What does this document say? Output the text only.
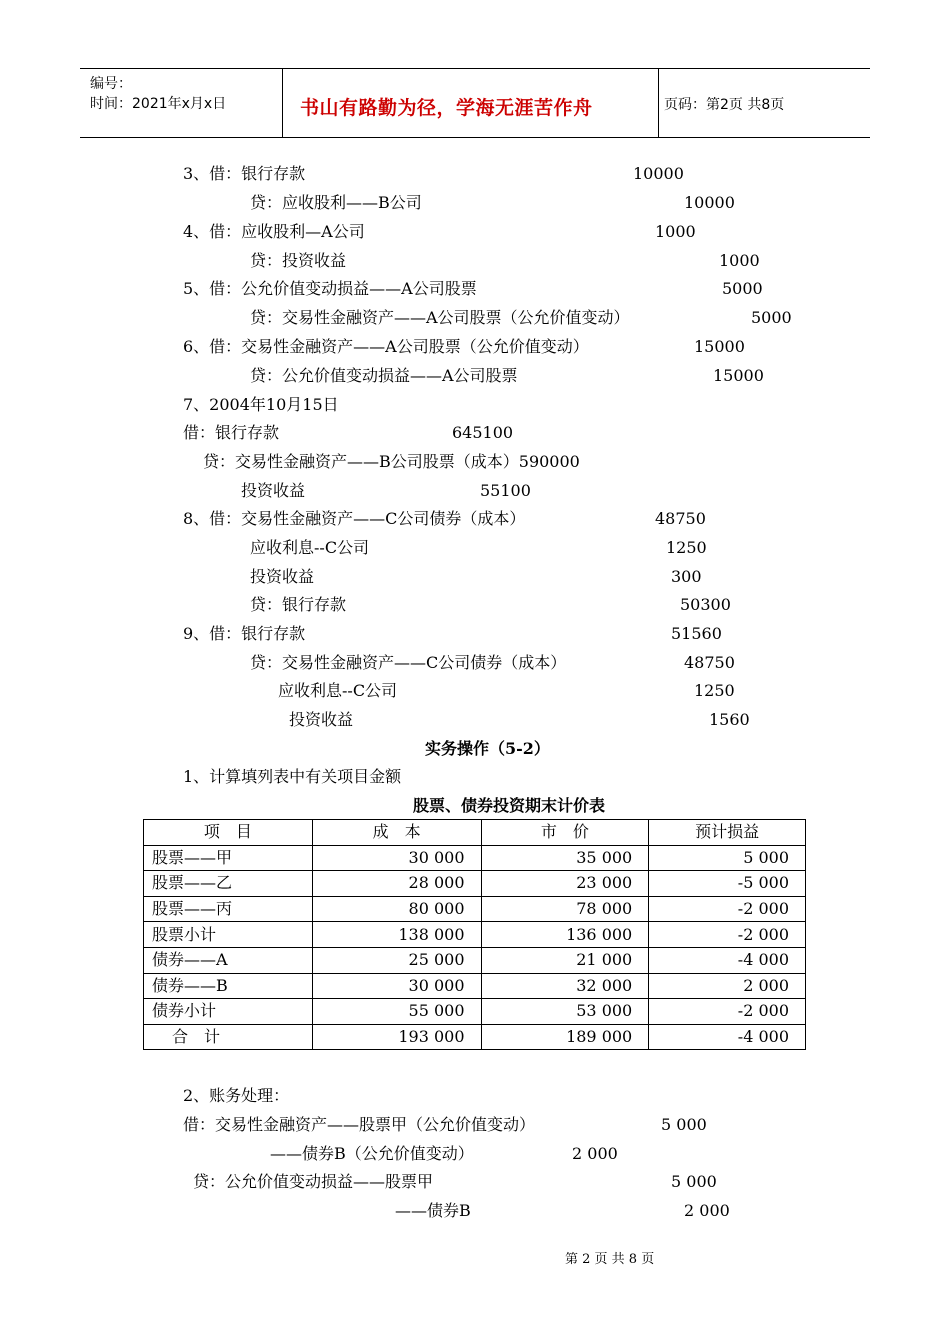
编号：
时间：2021年x月x日	书山有路勤为径，学海无涯苦作舟	页码：第2页 共8页
3、借：银行存款	10000
贷：应收股利——B公司	10000
4、借：应收股利—A公司	1000
贷：投资收益	1000
5、借：公允价值变动损益——A公司股票	5000
贷：交易性金融资产——A公司股票（公允价值变动）	5000
6、借：交易性金融资产——A公司股票（公允价值变动）	15000
贷：公允价值变动损益——A公司股票	15000
7、2004年10月15日
借：银行存款	645100
贷：交易性金融资产——B公司股票（成本）590000
投资收益	55100
8、借：交易性金融资产——C公司债券（成本）	48750
应收利息--C公司	1250
投资收益	300
贷：银行存款	50300
9、借：银行存款	51560
贷：交易性金融资产——C公司债券（成本）	48750
应收利息--C公司	1250
投资收益	1560
实务操作（5-2）
1、计算填列表中有关项目金额
股票、债券投资期末计价表
项　目	成　本	市　价	预计损益
股票——甲	30 000	35 000	5 000
股票——乙	28 000	23 000	-5 000
股票——丙	80 000	78 000	-2 000
股票小计	138 000	136 000	-2 000
债券——A	25 000	21 000	-4 000
债券——B	30 000	32 000	2 000
债券小计	55 000	53 000	-2 000
合　计	193 000	189 000	-4 000
2、账务处理：
借：交易性金融资产——股票甲（公允价值变动）	5 000
——债券B（公允价值变动）	2 000
贷：公允价值变动损益——股票甲	5 000
——债券B	2 000
第 2 页 共 8 页
